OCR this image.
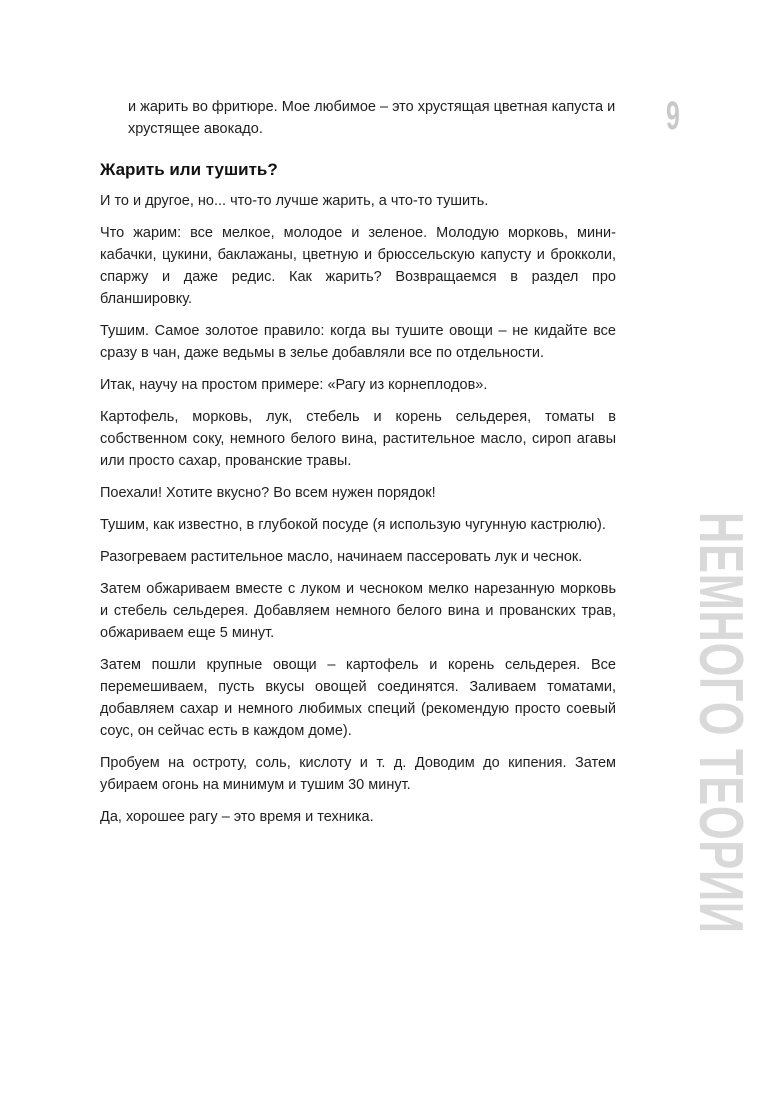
9
НЕМНОГО ТЕОРИИ

и жарить во фритюре. Мое любимое – это хрустящая цветная капуста и хрустящее авокадо.

Жарить или тушить?

И то и другое, но... что-то лучше жарить, а что-то тушить.

Что жарим: все мелкое, молодое и зеленое. Молодую морковь, мини-кабачки, цукини, баклажаны, цветную и брюссельскую капусту и брокколи, спаржу и даже редис. Как жарить? Возвращаемся в раздел про бланшировку.

Тушим. Самое золотое правило: когда вы тушите овощи – не кидайте все сразу в чан, даже ведьмы в зелье добавляли все по отдельности.

Итак, научу на простом примере: «Рагу из корнеплодов».

Картофель, морковь, лук, стебель и корень сельдерея, томаты в собственном соку, немного белого вина, растительное масло, сироп агавы или просто сахар, прованские травы.

Поехали! Хотите вкусно? Во всем нужен порядок!

Тушим, как известно, в глубокой посуде (я использую чугунную кастрюлю).

Разогреваем растительное масло, начинаем пассеровать лук и чеснок.

Затем обжариваем вместе с луком и чесноком мелко нарезанную морковь и стебель сельдерея. Добавляем немного белого вина и прованских трав, обжариваем еще 5 минут.

Затем пошли крупные овощи – картофель и корень сельдерея. Все перемешиваем, пусть вкусы овощей соединятся. Заливаем томатами, добавляем сахар и немного любимых специй (рекомендую просто соевый соус, он сейчас есть в каждом доме).

Пробуем на остроту, соль, кислоту и т. д. Доводим до кипения. Затем убираем огонь на минимум и тушим 30 минут.

Да, хорошее рагу – это время и техника.
